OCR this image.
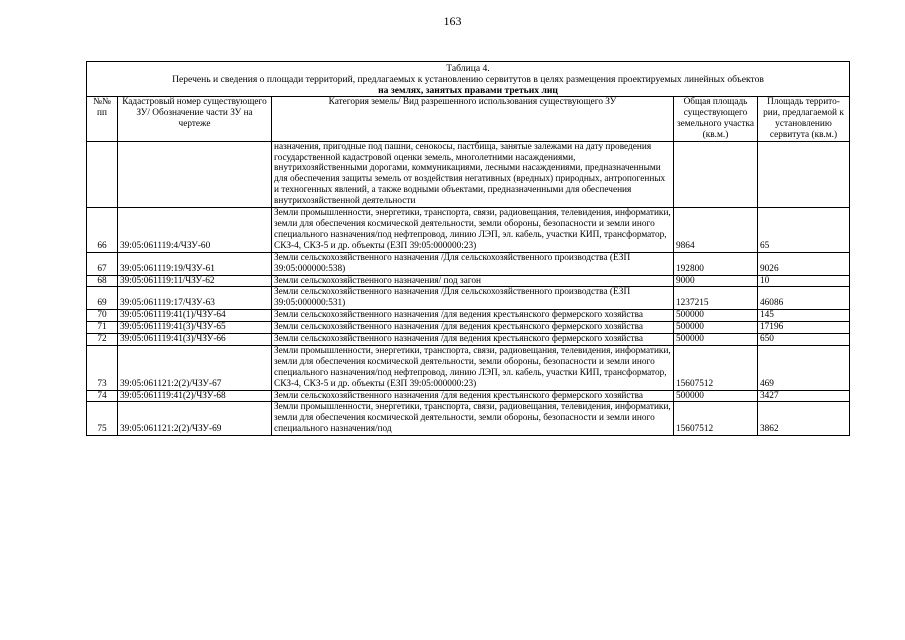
163
Таблица 4.
Перечень и сведения о площади территорий, предлагаемых к установлению сервитутов в целях размещения проектируемых линейных объектов
на землях, занятых правами третьих лиц				

№№ пп	Кадастровый номер существующего ЗУ/ Обозначение части ЗУ на чертеже	Категория земель/ Вид разрешенного использования существующего ЗУ	Общая площадь существующего земельного участка (кв.м.)	Площадь террито-рии, предлагаемой к установлению сервитута (кв.м.)
		назначения, пригодные под пашни, сенокосы, пастбища, занятые залежами на дату проведения государственной кадастровой оценки земель, многолетними насаждениями, внутрихозяйственными дорогами, коммуникациями, лесными насаждениями, предназначенными для обеспечения защиты земель от воздействия негативных (вредных) природных, антропогенных и техногенных явлений, а также водными объектами, предназначенными для обеспечения внутрихозяйственной деятельности		
66	39:05:061119:4/ЧЗУ-60	Земли промышленности, энергетики, транспорта, связи, радиовещания, телевидения, информатики, земли для обеспечения космической деятельности, земли обороны, безопасности и земли иного специального назначения/под нефтепровод, линию ЛЭП, эл. кабель, участки КИП, трансформатор, СКЗ-4, СКЗ-5 и др. объекты (ЕЗП 39:05:000000:23)	9864	65
67	39:05:061119:19/ЧЗУ-61	Земли сельскохозяйственного назначения /Для сельскохозяйственного производства (ЕЗП 39:05:000000:538)	192800	9026
68	39:05:061119:11/ЧЗУ-62	Земли сельскохозяйственного назначения/ под загон	9000	10
69	39:05:061119:17/ЧЗУ-63	Земли сельскохозяйственного назначения /Для сельскохозяйственного производства (ЕЗП 39:05:000000:531)	1237215	46086
70	39:05:061119:41(1)/ЧЗУ-64	Земли сельскохозяйственного назначения /для ведения крестьянского фермерского хозяйства	500000	145
71	39:05:061119:41(3)/ЧЗУ-65	Земли сельскохозяйственного назначения /для ведения крестьянского фермерского хозяйства	500000	17196
72	39:05:061119:41(3)/ЧЗУ-66	Земли сельскохозяйственного назначения /для ведения крестьянского фермерского хозяйства	500000	650
73	39:05:061121:2(2)/ЧЗУ-67	Земли промышленности, энергетики, транспорта, связи, радиовещания, телевидения, информатики, земли для обеспечения космической деятельности, земли обороны, безопасности и земли иного специального назначения/под нефтепровод, линию ЛЭП, эл. кабель, участки КИП, трансформатор, СКЗ-4, СКЗ-5 и др. объекты (ЕЗП 39:05:000000:23)	15607512	469
74	39:05:061119:41(2)/ЧЗУ-68	Земли сельскохозяйственного назначения /для ведения крестьянского фермерского хозяйства	500000	3427
75	39:05:061121:2(2)/ЧЗУ-69	Земли промышленности, энергетики, транспорта, связи, радиовещания, телевидения, информатики, земли для обеспечения космической деятельности, земли обороны, безопасности и земли иного специального назначения/под	15607512	3862
